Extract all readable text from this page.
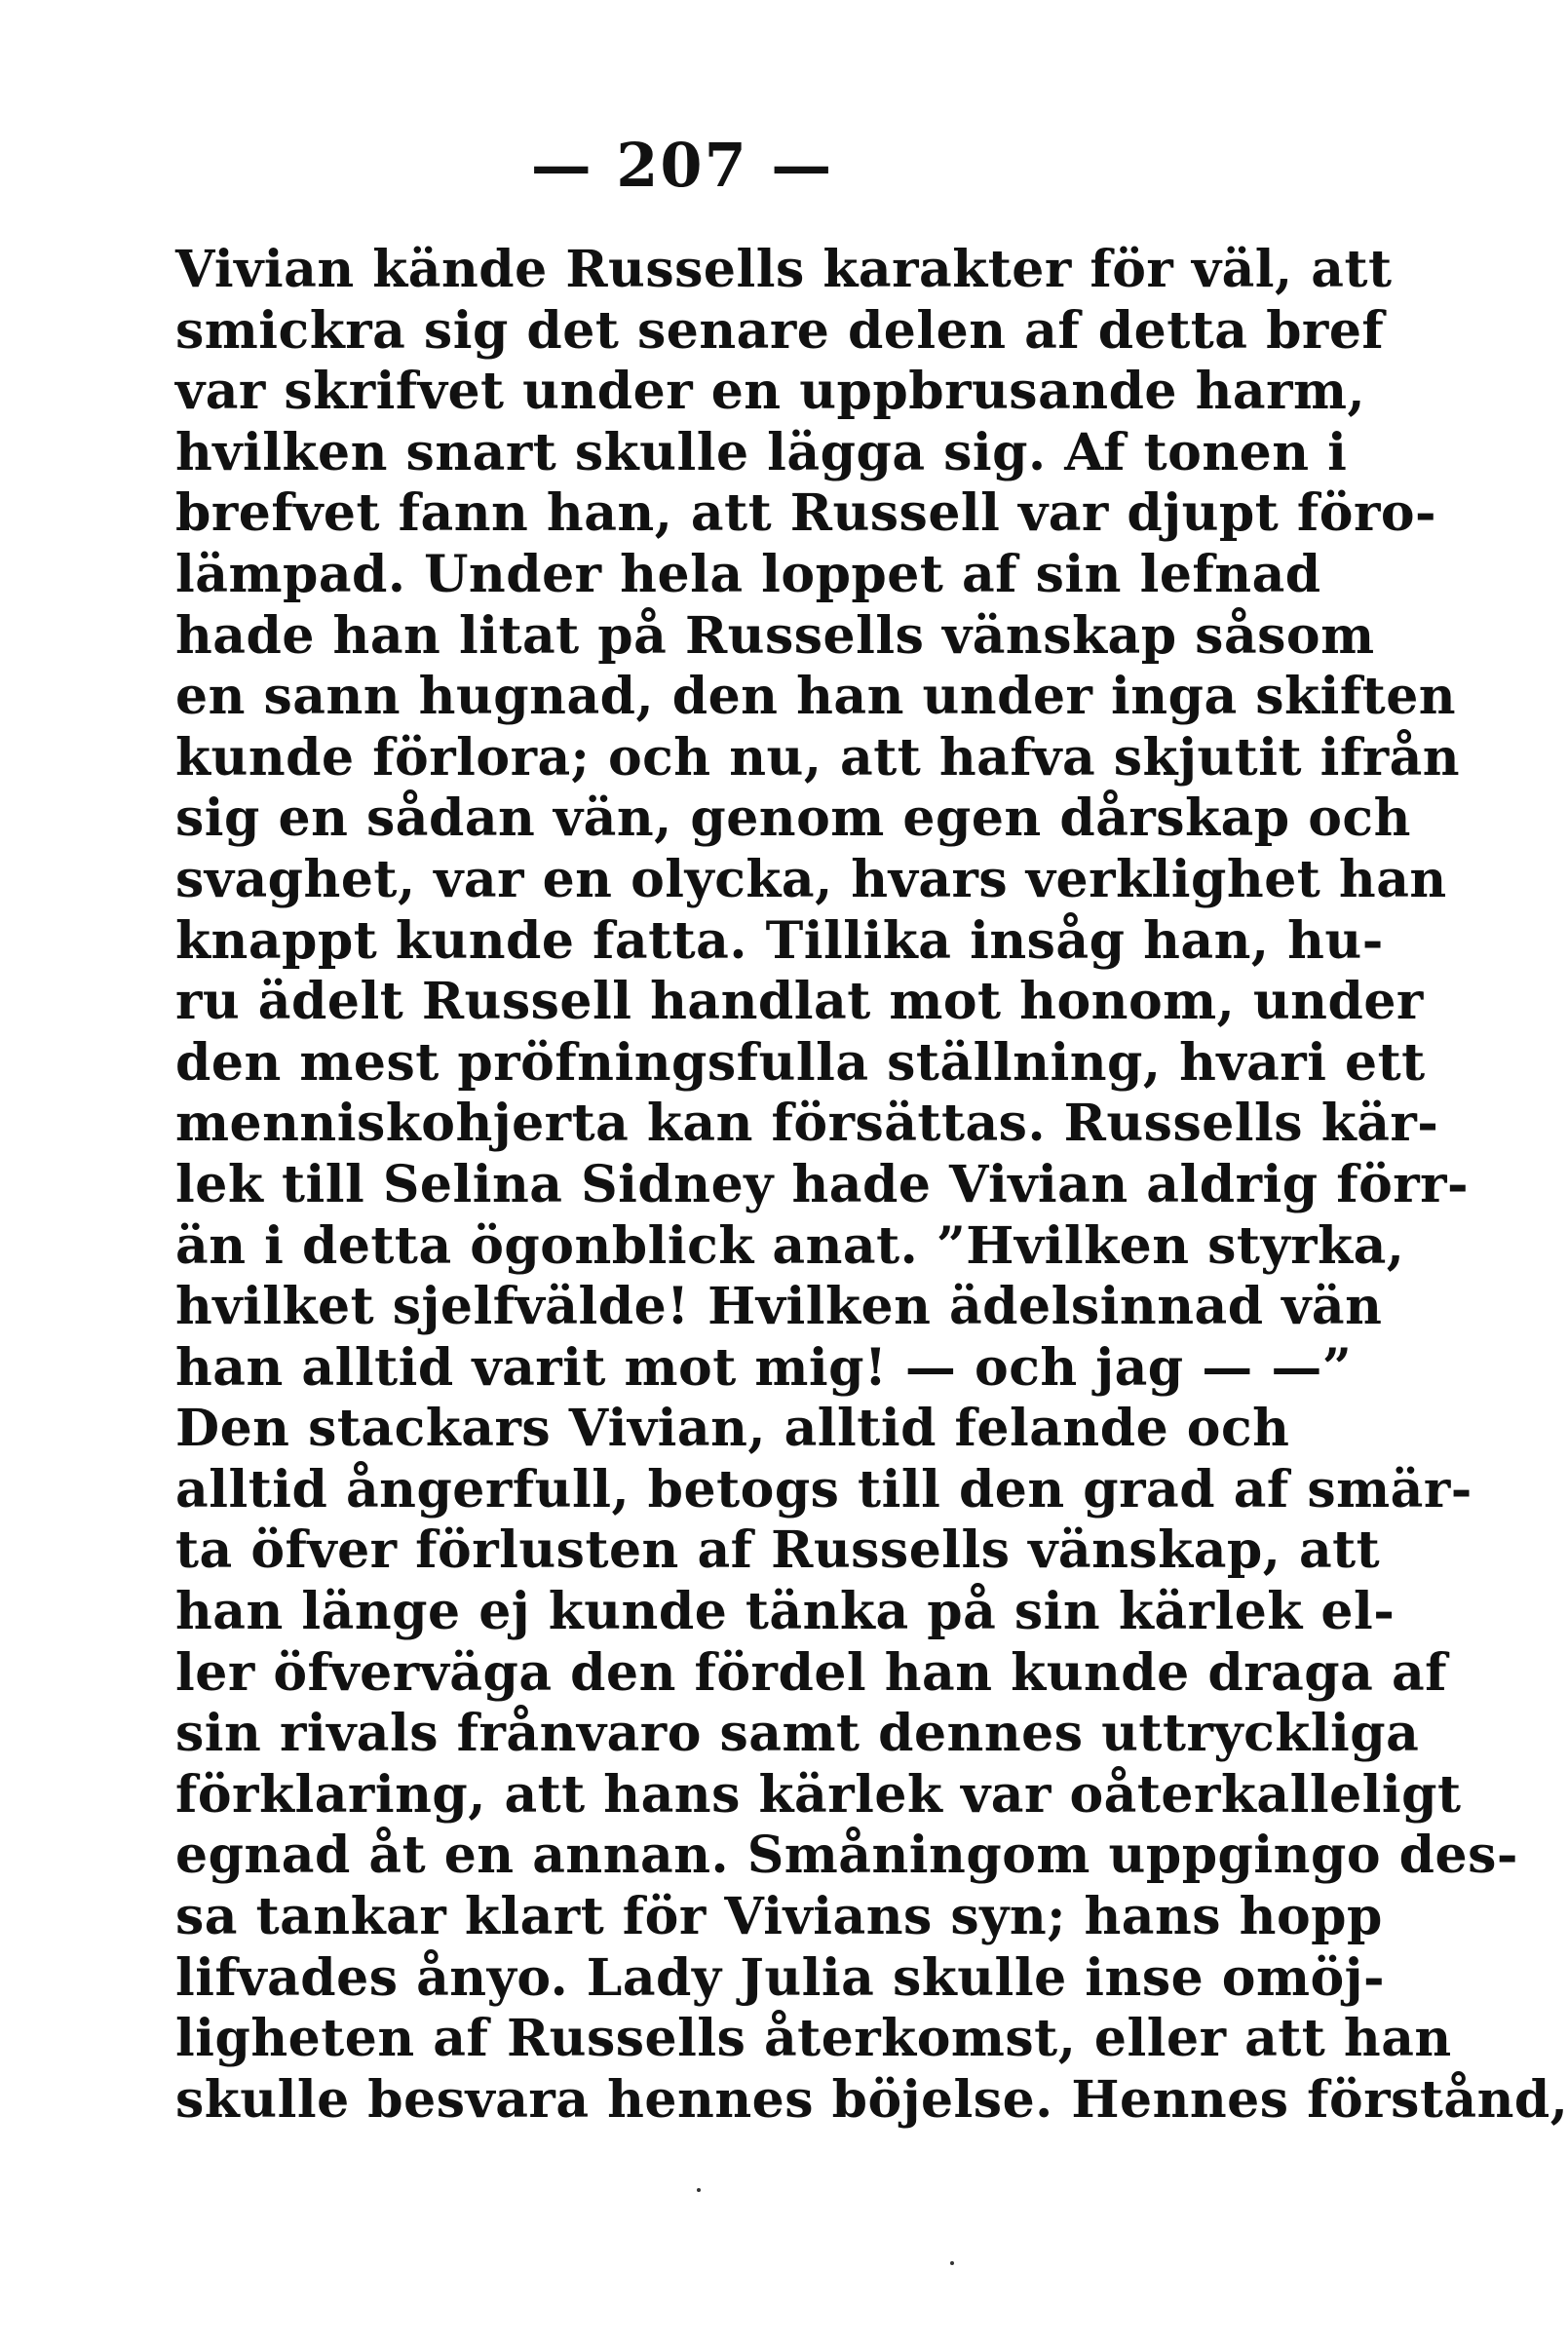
— 207 —
Vivian kände Russells karakter för väl, att
smickra sig det senare delen af detta bref
var skrifvet under en uppbrusande harm,
hvilken snart skulle lägga sig. Af tonen i
brefvet fann han, att Russell var djupt föro-
lämpad. Under hela loppet af sin lefnad
hade han litat på Russells vänskap såsom
en sann hugnad, den han under inga skiften
kunde förlora; och nu, att hafva skjutit ifrån
sig en sådan vän, genom egen dårskap och
svaghet, var en olycka, hvars verklighet han
knappt kunde fatta. Tillika insåg han, hu-
ru ädelt Russell handlat mot honom, under
den mest pröfningsfulla ställning, hvari ett
menniskohjerta kan försättas. Russells kär-
lek till Selina Sidney hade Vivian aldrig förr-
än i detta ögonblick anat. ”Hvilken styrka,
hvilket sjelfvälde! Hvilken ädelsinnad vän
han alltid varit mot mig! — och jag — —”
Den stackars Vivian, alltid felande och
alltid ångerfull, betogs till den grad af smär-
ta öfver förlusten af Russells vänskap, att
han länge ej kunde tänka på sin kärlek el-
ler öfverväga den fördel han kunde draga af
sin rivals frånvaro samt dennes uttryckliga
förklaring, att hans kärlek var oåterkalleligt
egnad åt en annan. Småningom uppgingo des-
sa tankar klart för Vivians syn; hans hopp
lifvades ånyo. Lady Julia skulle inse omöj-
ligheten af Russells återkomst, eller att han
skulle besvara hennes böjelse. Hennes förstånd,
